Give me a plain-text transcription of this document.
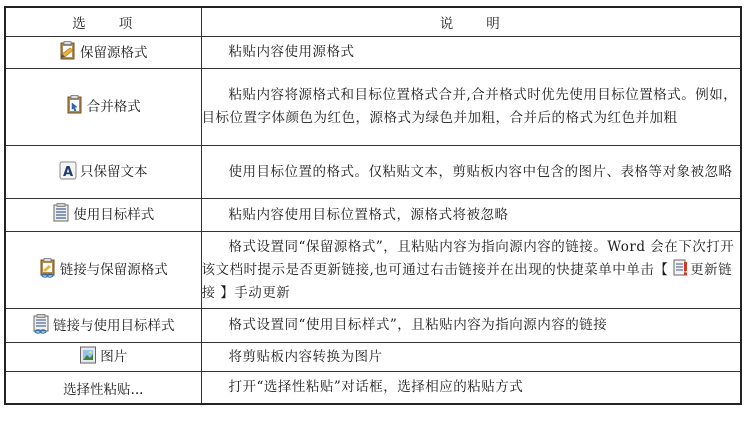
选　　项	说　　明

保留源格式	粘贴内容使用源格式

合并格式	粘贴内容将源格式和目标位置格式合并,合并格式时优先使用目标位置格式。例如，目标位置字体颜色为红色，源格式为绿色并加粗，合并后的格式为红色并加粗

A 只保留文本	使用目标位置的格式。仅粘贴文本，剪贴板内容中包含的图片、表格等对象被忽略

使用目标样式	粘贴内容使用目标位置格式，源格式将被忽略

链接与保留源格式	格式设置同“保留源格式”，且粘贴内容为指向源内容的链接。Word 会在下次打开该文档时提示是否更新链接,也可通过右击链接并在出现的快捷菜单中单击【 更新链接 】手动更新

链接与使用目标样式	格式设置同“使用目标样式”，且粘贴内容为指向源内容的链接

图片	将剪贴板内容转换为图片
选择性粘贴...	打开“选择性粘贴”对话框，选择相应的粘贴方式
